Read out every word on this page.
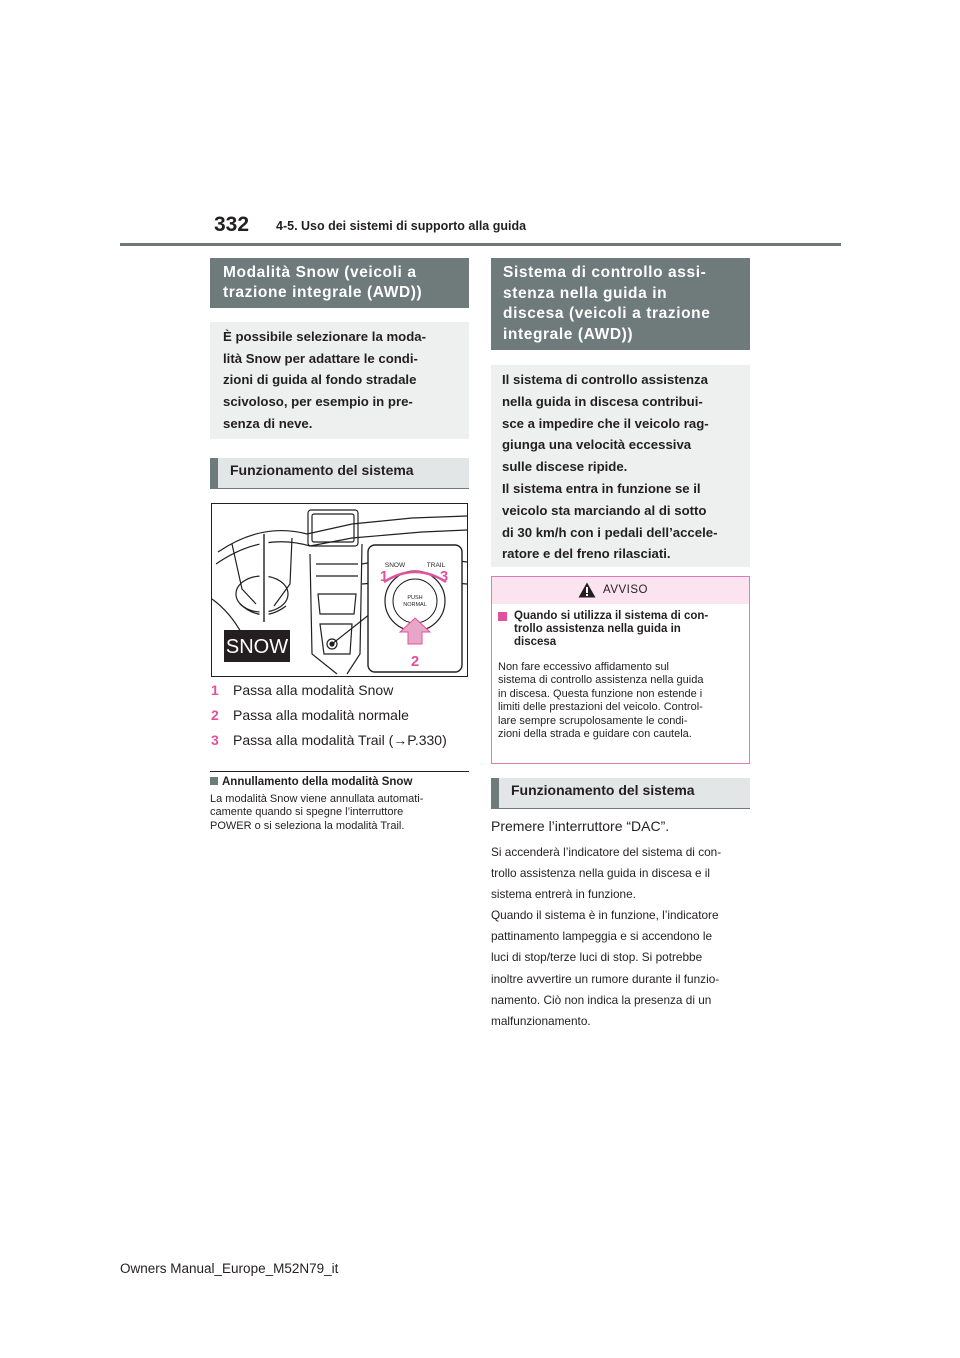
332 4-5. Uso dei sistemi di supporto alla guida
Modalità Snow (veicoli a
trazione integrale (AWD))
È possibile selezionare la moda-
lità Snow per adattare le condi-
zioni di guida al fondo stradale
scivoloso, per esempio in pre-
senza di neve.
Funzionamento del sistema
SNOW
SNOW	TRAIL
PUSH
NORMAL
1	3
2
1 Passa alla modalità Snow
2 Passa alla modalità normale
3 Passa alla modalità Trail (→P.330)
Annullamento della modalità Snow
La modalità Snow viene annullata automati-
camente quando si spegne l’interruttore
POWER o si seleziona la modalità Trail.
Sistema di controllo assi-
stenza nella guida in
discesa (veicoli a trazione
integrale (AWD))
Il sistema di controllo assistenza
nella guida in discesa contribui-
sce a impedire che il veicolo rag-
giunga una velocità eccessiva
sulle discese ripide.
Il sistema entra in funzione se il
veicolo sta marciando al di sotto
di 30 km/h con i pedali dell’accele-
ratore e del freno rilasciati.
AVVISO
Quando si utilizza il sistema di con-
trollo assistenza nella guida in
discesa
Non fare eccessivo affidamento sul
sistema di controllo assistenza nella guida
in discesa. Questa funzione non estende i
limiti delle prestazioni del veicolo. Control-
lare sempre scrupolosamente le condi-
zioni della strada e guidare con cautela.
Funzionamento del sistema
Premere l’interruttore “DAC”.
Si accenderà l’indicatore del sistema di con-
trollo assistenza nella guida in discesa e il
sistema entrerà in funzione.
Quando il sistema è in funzione, l’indicatore
pattinamento lampeggia e si accendono le
luci di stop/terze luci di stop. Si potrebbe
inoltre avvertire un rumore durante il funzio-
namento. Ciò non indica la presenza di un
malfunzionamento.
Owners Manual_Europe_M52N79_it
